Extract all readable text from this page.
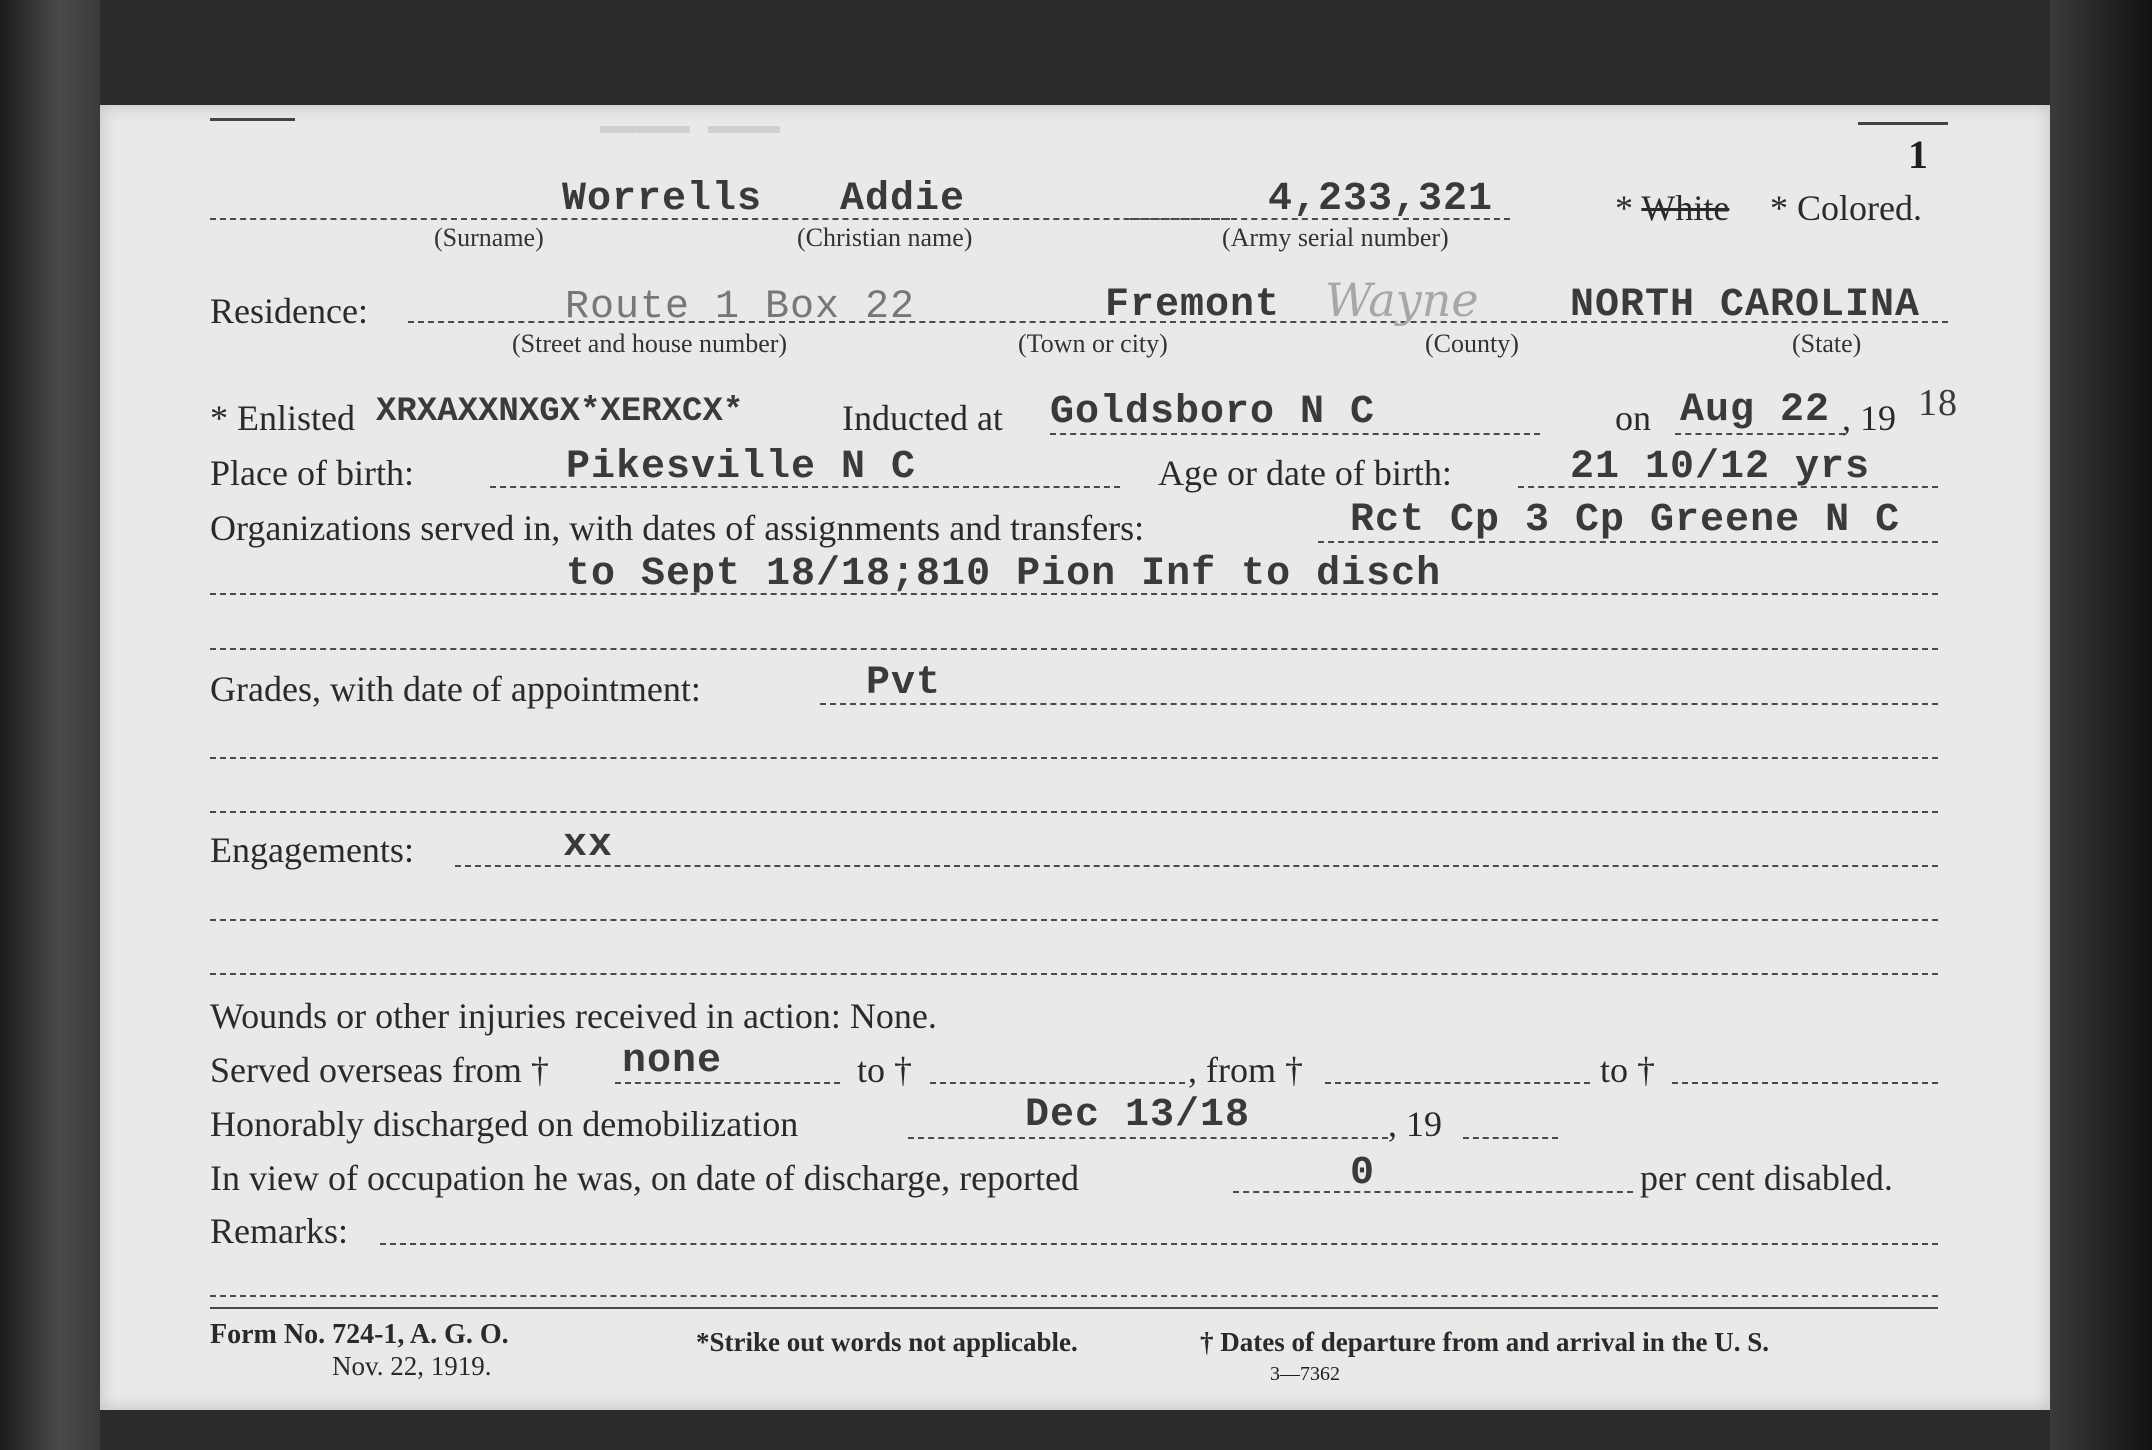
1
▬▬▬▬▬ ▬▬▬▬
Worrells Addie	4,233,321	* White * Colored.
(Surname)	(Christian name)	(Army serial number)
Residence:	Route 1 Box 22	Fremont Wayne NORTH CAROLINA
(Street and house number)	(Town or city)	(County)	(State)
* Enlisted XRXAXXNXGX*XERXCX*	Inducted at Goldsboro N C	on Aug 22 , 19 18
Place of birth:	Pikesville N C	Age or date of birth:	21 10/12 yrs
Organizations served in, with dates of assignments and transfers:	Rct Cp 3 Cp Greene N C
to Sept 18/18;810 Pion Inf to disch
Grades, with date of appointment:	Pvt
Engagements:	xx
Wounds or other injuries received in action: None.
Served overseas from † none	to †	, from †	to †
Honorably discharged on demobilization	Dec 13/18	, 19
In view of occupation he was, on date of discharge, reported	0	per cent disabled.
Remarks:
Form No. 724-1, A. G. O.
Nov. 22, 1919.
*Strike out words not applicable.	† Dates of departure from and arrival in the U. S.
3—7362
